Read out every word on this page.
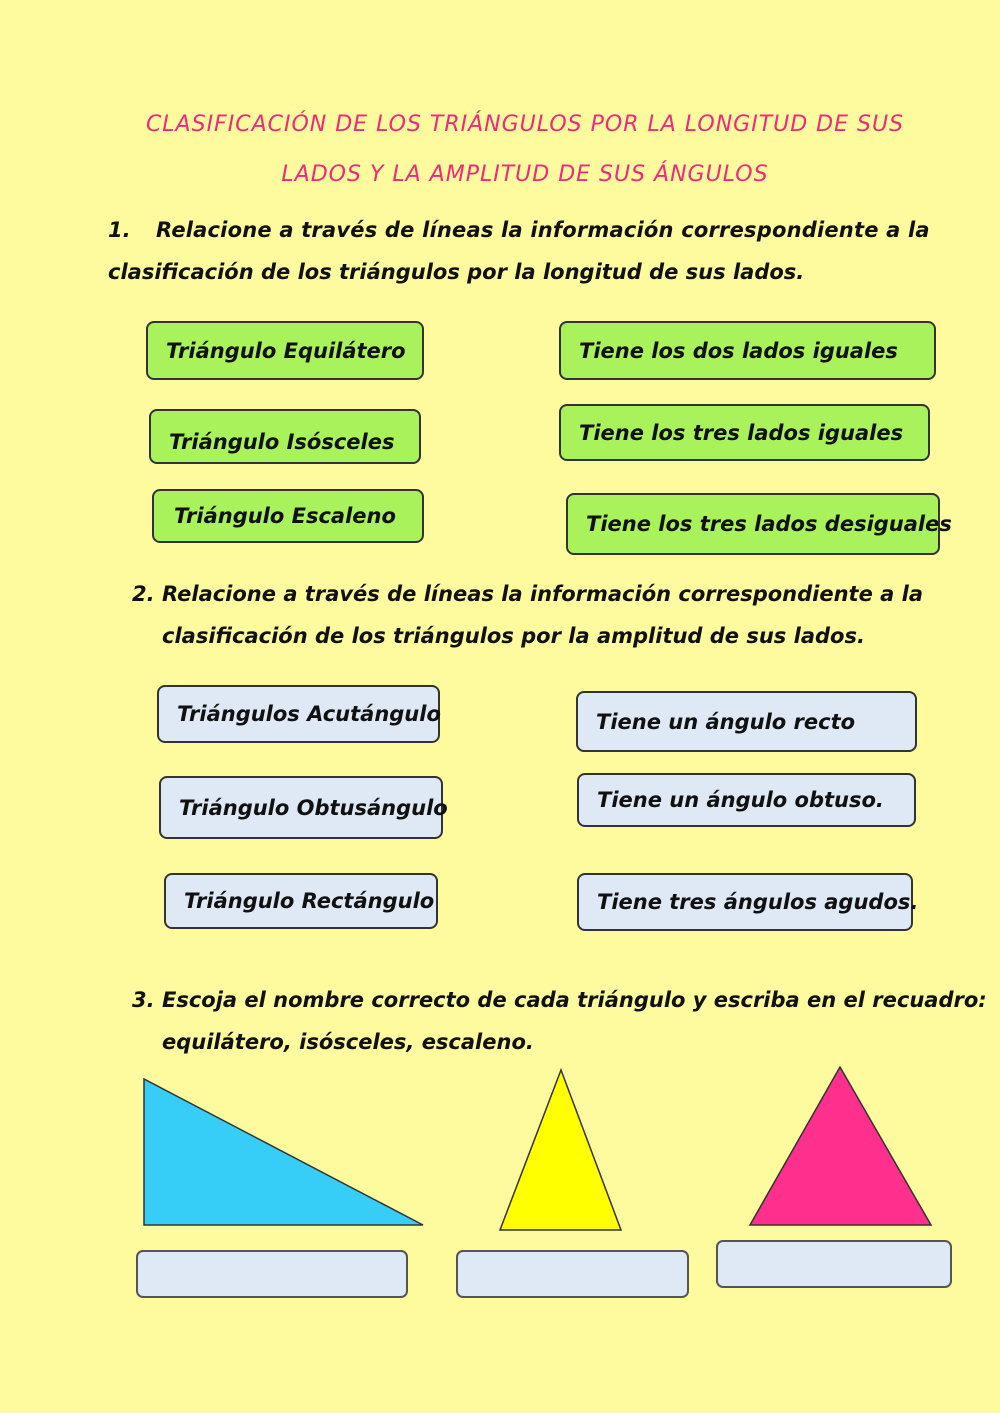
CLASIFICACIÓN DE LOS TRIÁNGULOS POR LA LONGITUD DE SUS
LADOS Y LA AMPLITUD DE SUS ÁNGULOS
1. Relacione a través de líneas la información correspondiente a la
clasificación de los triángulos por la longitud de sus lados.
Triángulo Equilátero
Triángulo Isósceles
Triángulo Escaleno
Tiene los dos lados iguales
Tiene los tres lados iguales
Tiene los tres lados desiguales
2. Relacione a través de líneas la información correspondiente a la
clasificación de los triángulos por la amplitud de sus lados.
Triángulos Acutángulo
Triángulo Obtusángulo
Triángulo Rectángulo
Tiene un ángulo recto
Tiene un ángulo obtuso.
Tiene tres ángulos agudos.
3. Escoja el nombre correcto de cada triángulo y escriba en el recuadro:
equilátero, isósceles, escaleno.
